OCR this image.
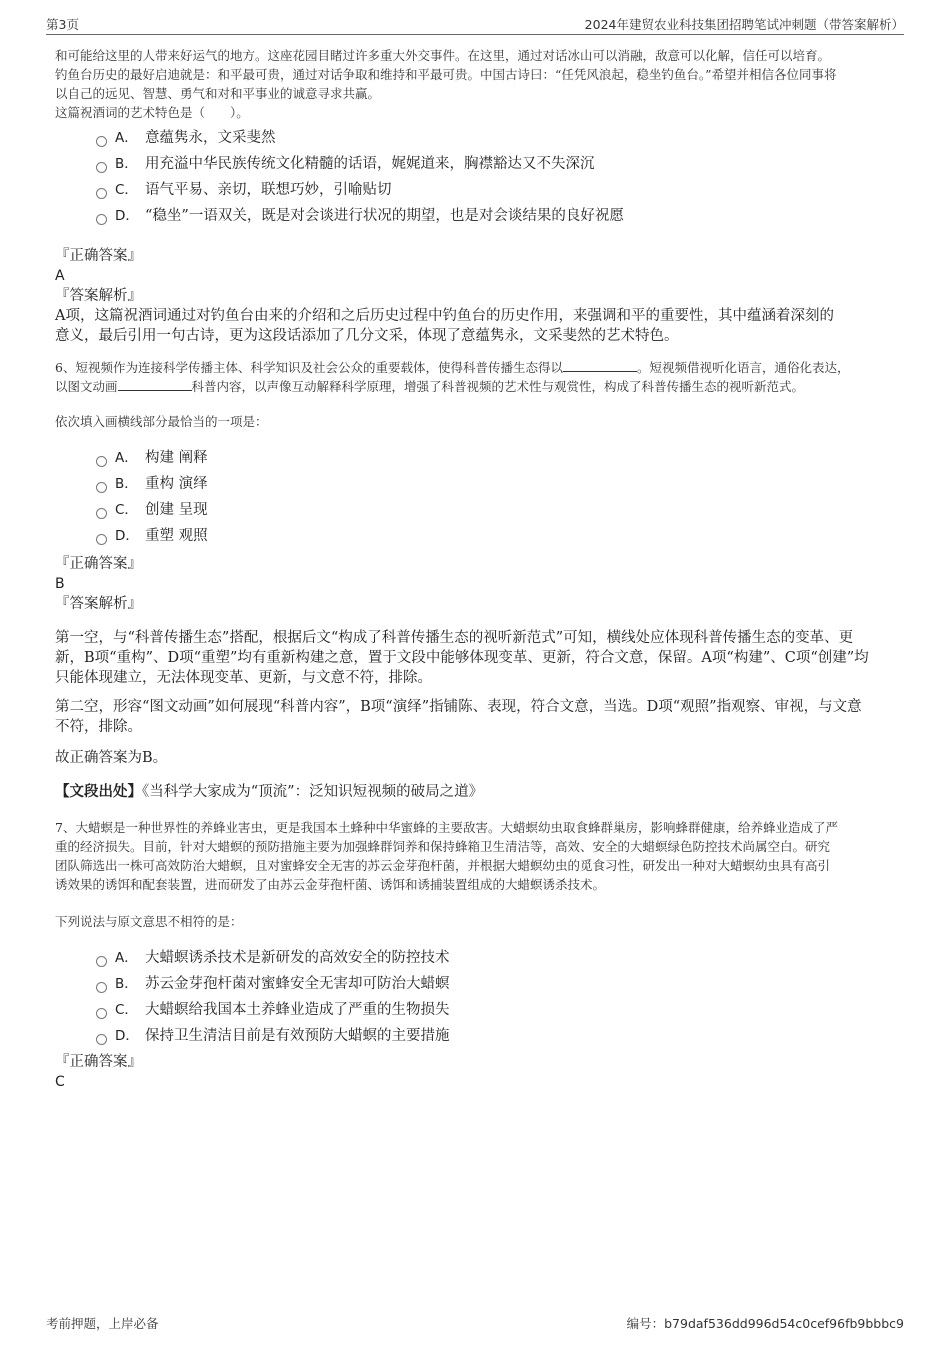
第3页	2024年建贸农业科技集团招聘笔试冲刺题（带答案解析）
和可能给这里的人带来好运气的地方。这座花园目睹过许多重大外交事件。在这里，通过对话冰山可以消融，敌意可以化解，信任可以培育。
钓鱼台历史的最好启迪就是：和平最可贵，通过对话争取和维持和平最可贵。中国古诗曰：“任凭风浪起，稳坐钓鱼台。”希望并相信各位同事将
以自己的远见、智慧、勇气和对和平事业的诚意寻求共赢。
这篇祝酒词的艺术特色是（　　）。
A． 意蕴隽永，文采斐然
B． 用充溢中华民族传统文化精髓的话语，娓娓道来，胸襟豁达又不失深沉
C． 语气平易、亲切，联想巧妙，引喻贴切
D． “稳坐”一语双关，既是对会谈进行状况的期望，也是对会谈结果的良好祝愿
『正确答案』
A
『答案解析』
A项，这篇祝酒词通过对钓鱼台由来的介绍和之后历史过程中钓鱼台的历史作用，来强调和平的重要性，其中蕴涵着深刻的
意义，最后引用一句古诗，更为这段话添加了几分文采，体现了意蕴隽永，文采斐然的艺术特色。
6、短视频作为连接科学传播主体、科学知识及社会公众的重要载体，使得科普传播生态得以	。短视频借视听化语言，通俗化表达，
以图文动画	科普内容，以声像互动解释科学原理，增强了科普视频的艺术性与观赏性，构成了科普传播生态的视听新范式。
依次填入画横线部分最恰当的一项是：
A． 构建 阐释
B． 重构 演绎
C． 创建 呈现
D． 重塑 观照
『正确答案』
B
『答案解析』
第一空，与“科普传播生态”搭配，根据后文“构成了科普传播生态的视听新范式”可知，横线处应体现科普传播生态的变革、更
新，B项“重构”、D项“重塑”均有重新构建之意，置于文段中能够体现变革、更新，符合文意，保留。A项“构建”、C项“创建”均
只能体现建立，无法体现变革、更新，与文意不符，排除。
第二空，形容“图文动画”如何展现“科普内容”，B项“演绎”指铺陈、表现，符合文意，当选。D项“观照”指观察、审视，与文意
不符，排除。
故正确答案为B。
【文段出处】《当科学大家成为“顶流”：泛知识短视频的破局之道》
7、大蜡螟是一种世界性的养蜂业害虫，更是我国本土蜂种中华蜜蜂的主要敌害。大蜡螟幼虫取食蜂群巢房，影响蜂群健康，给养蜂业造成了严
重的经济损失。目前，针对大蜡螟的预防措施主要为加强蜂群饲养和保持蜂箱卫生清洁等，高效、安全的大蜡螟绿色防控技术尚属空白。研究
团队筛选出一株可高效防治大蜡螟，且对蜜蜂安全无害的苏云金芽孢杆菌，并根据大蜡螟幼虫的觅食习性，研发出一种对大蜡螟幼虫具有高引
诱效果的诱饵和配套装置，进而研发了由苏云金芽孢杆菌、诱饵和诱捕装置组成的大蜡螟诱杀技术。
下列说法与原文意思不相符的是：
A． 大蜡螟诱杀技术是新研发的高效安全的防控技术
B． 苏云金芽孢杆菌对蜜蜂安全无害却可防治大蜡螟
C． 大蜡螟给我国本土养蜂业造成了严重的生物损失
D． 保持卫生清洁目前是有效预防大蜡螟的主要措施
『正确答案』
C
考前押题，上岸必备	编号：b79daf536dd996d54c0cef96fb9bbbc9
